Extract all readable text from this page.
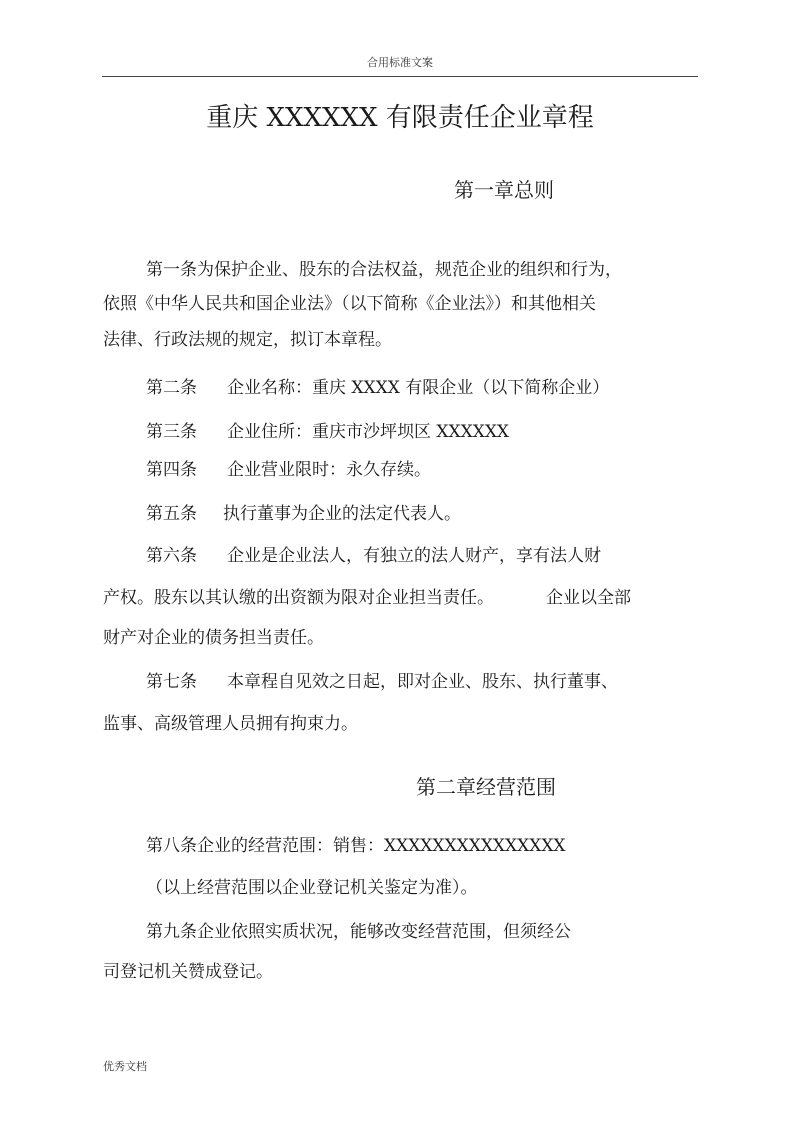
合用标准文案
重庆 XXXXXX 有限责任企业章程
第一章总则
第一条为保护企业、股东的合法权益，规范企业的组织和行为，
依照《中华人民共和国企业法》（以下简称《企业法》）和其他相关
法律、行政法规的规定，拟订本章程。
第二条 企业名称：重庆 XXXX 有限企业（以下简称企业）
第三条 企业住所：重庆市沙坪坝区 XXXXXX
第四条 企业营业限时：永久存续。
第五条 执行董事为企业的法定代表人。
第六条 企业是企业法人，有独立的法人财产，享有法人财
产权。股东以其认缴的出资额为限对企业担当责任。	企业以全部
财产对企业的债务担当责任。
第七条 本章程自见效之日起，即对企业、股东、执行董事、
监事、高级管理人员拥有拘束力。
第二章经营范围
第八条企业的经营范围：销售：XXXXXXXXXXXXXXX
（以上经营范围以企业登记机关鉴定为准）。
第九条企业依照实质状况，能够改变经营范围，但须经公
司登记机关赞成登记。
优秀文档
